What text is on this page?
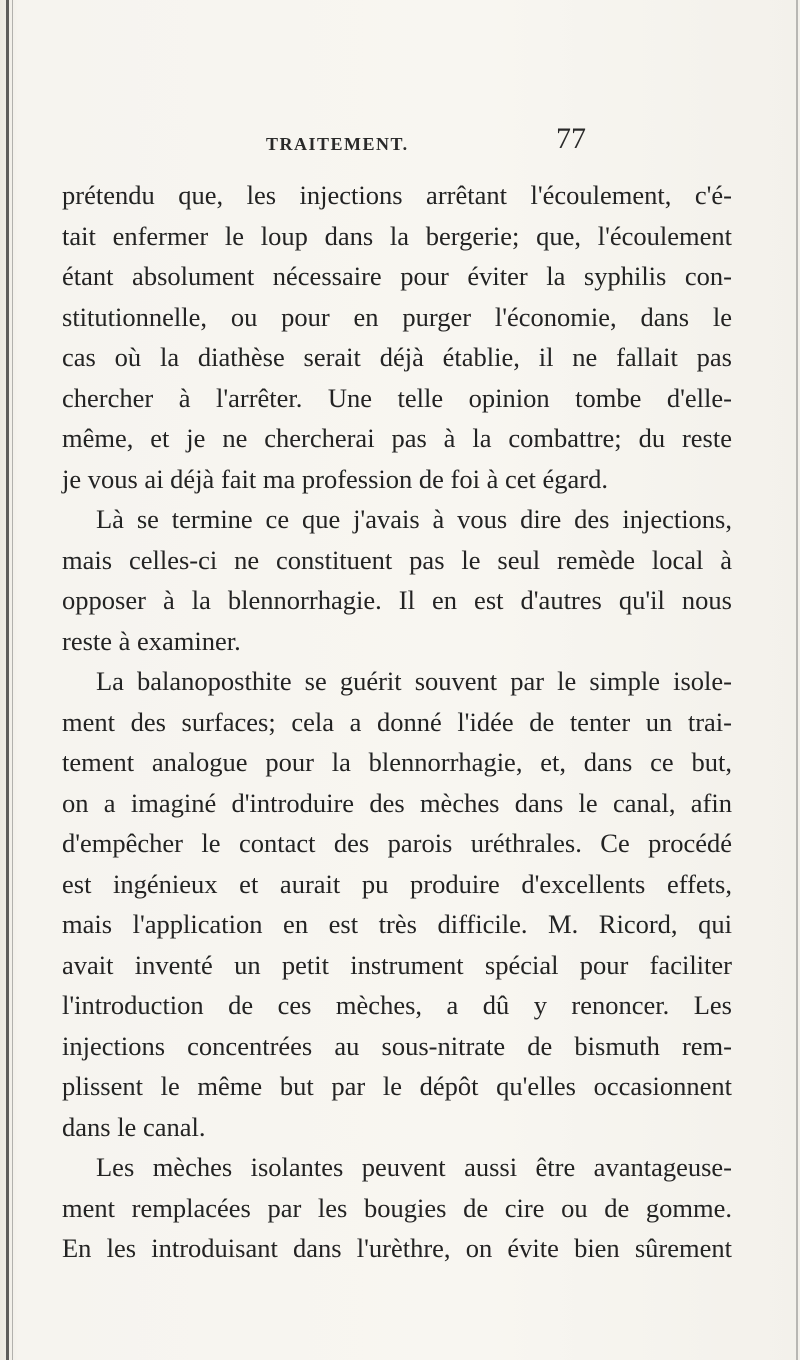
TRAITEMENT.	77
prétendu que, les injections arrêtant l'écoulement, c'é-
tait enfermer le loup dans la bergerie; que, l'écoulement
étant absolument nécessaire pour éviter la syphilis con-
stitutionnelle, ou pour en purger l'économie, dans le
cas où la diathèse serait déjà établie, il ne fallait pas
chercher à l'arrêter. Une telle opinion tombe d'elle-
même, et je ne chercherai pas à la combattre; du reste
je vous ai déjà fait ma profession de foi à cet égard.
Là se termine ce que j'avais à vous dire des injections,
mais celles-ci ne constituent pas le seul remède local à
opposer à la blennorrhagie. Il en est d'autres qu'il nous
reste à examiner.
La balanoposthite se guérit souvent par le simple isole-
ment des surfaces; cela a donné l'idée de tenter un trai-
tement analogue pour la blennorrhagie, et, dans ce but,
on a imaginé d'introduire des mèches dans le canal, afin
d'empêcher le contact des parois uréthrales. Ce procédé
est ingénieux et aurait pu produire d'excellents effets,
mais l'application en est très difficile. M. Ricord, qui
avait inventé un petit instrument spécial pour faciliter
l'introduction de ces mèches, a dû y renoncer. Les
injections concentrées au sous-nitrate de bismuth rem-
plissent le même but par le dépôt qu'elles occasionnent
dans le canal.
Les mèches isolantes peuvent aussi être avantageuse-
ment remplacées par les bougies de cire ou de gomme.
En les introduisant dans l'urèthre, on évite bien sûrement
